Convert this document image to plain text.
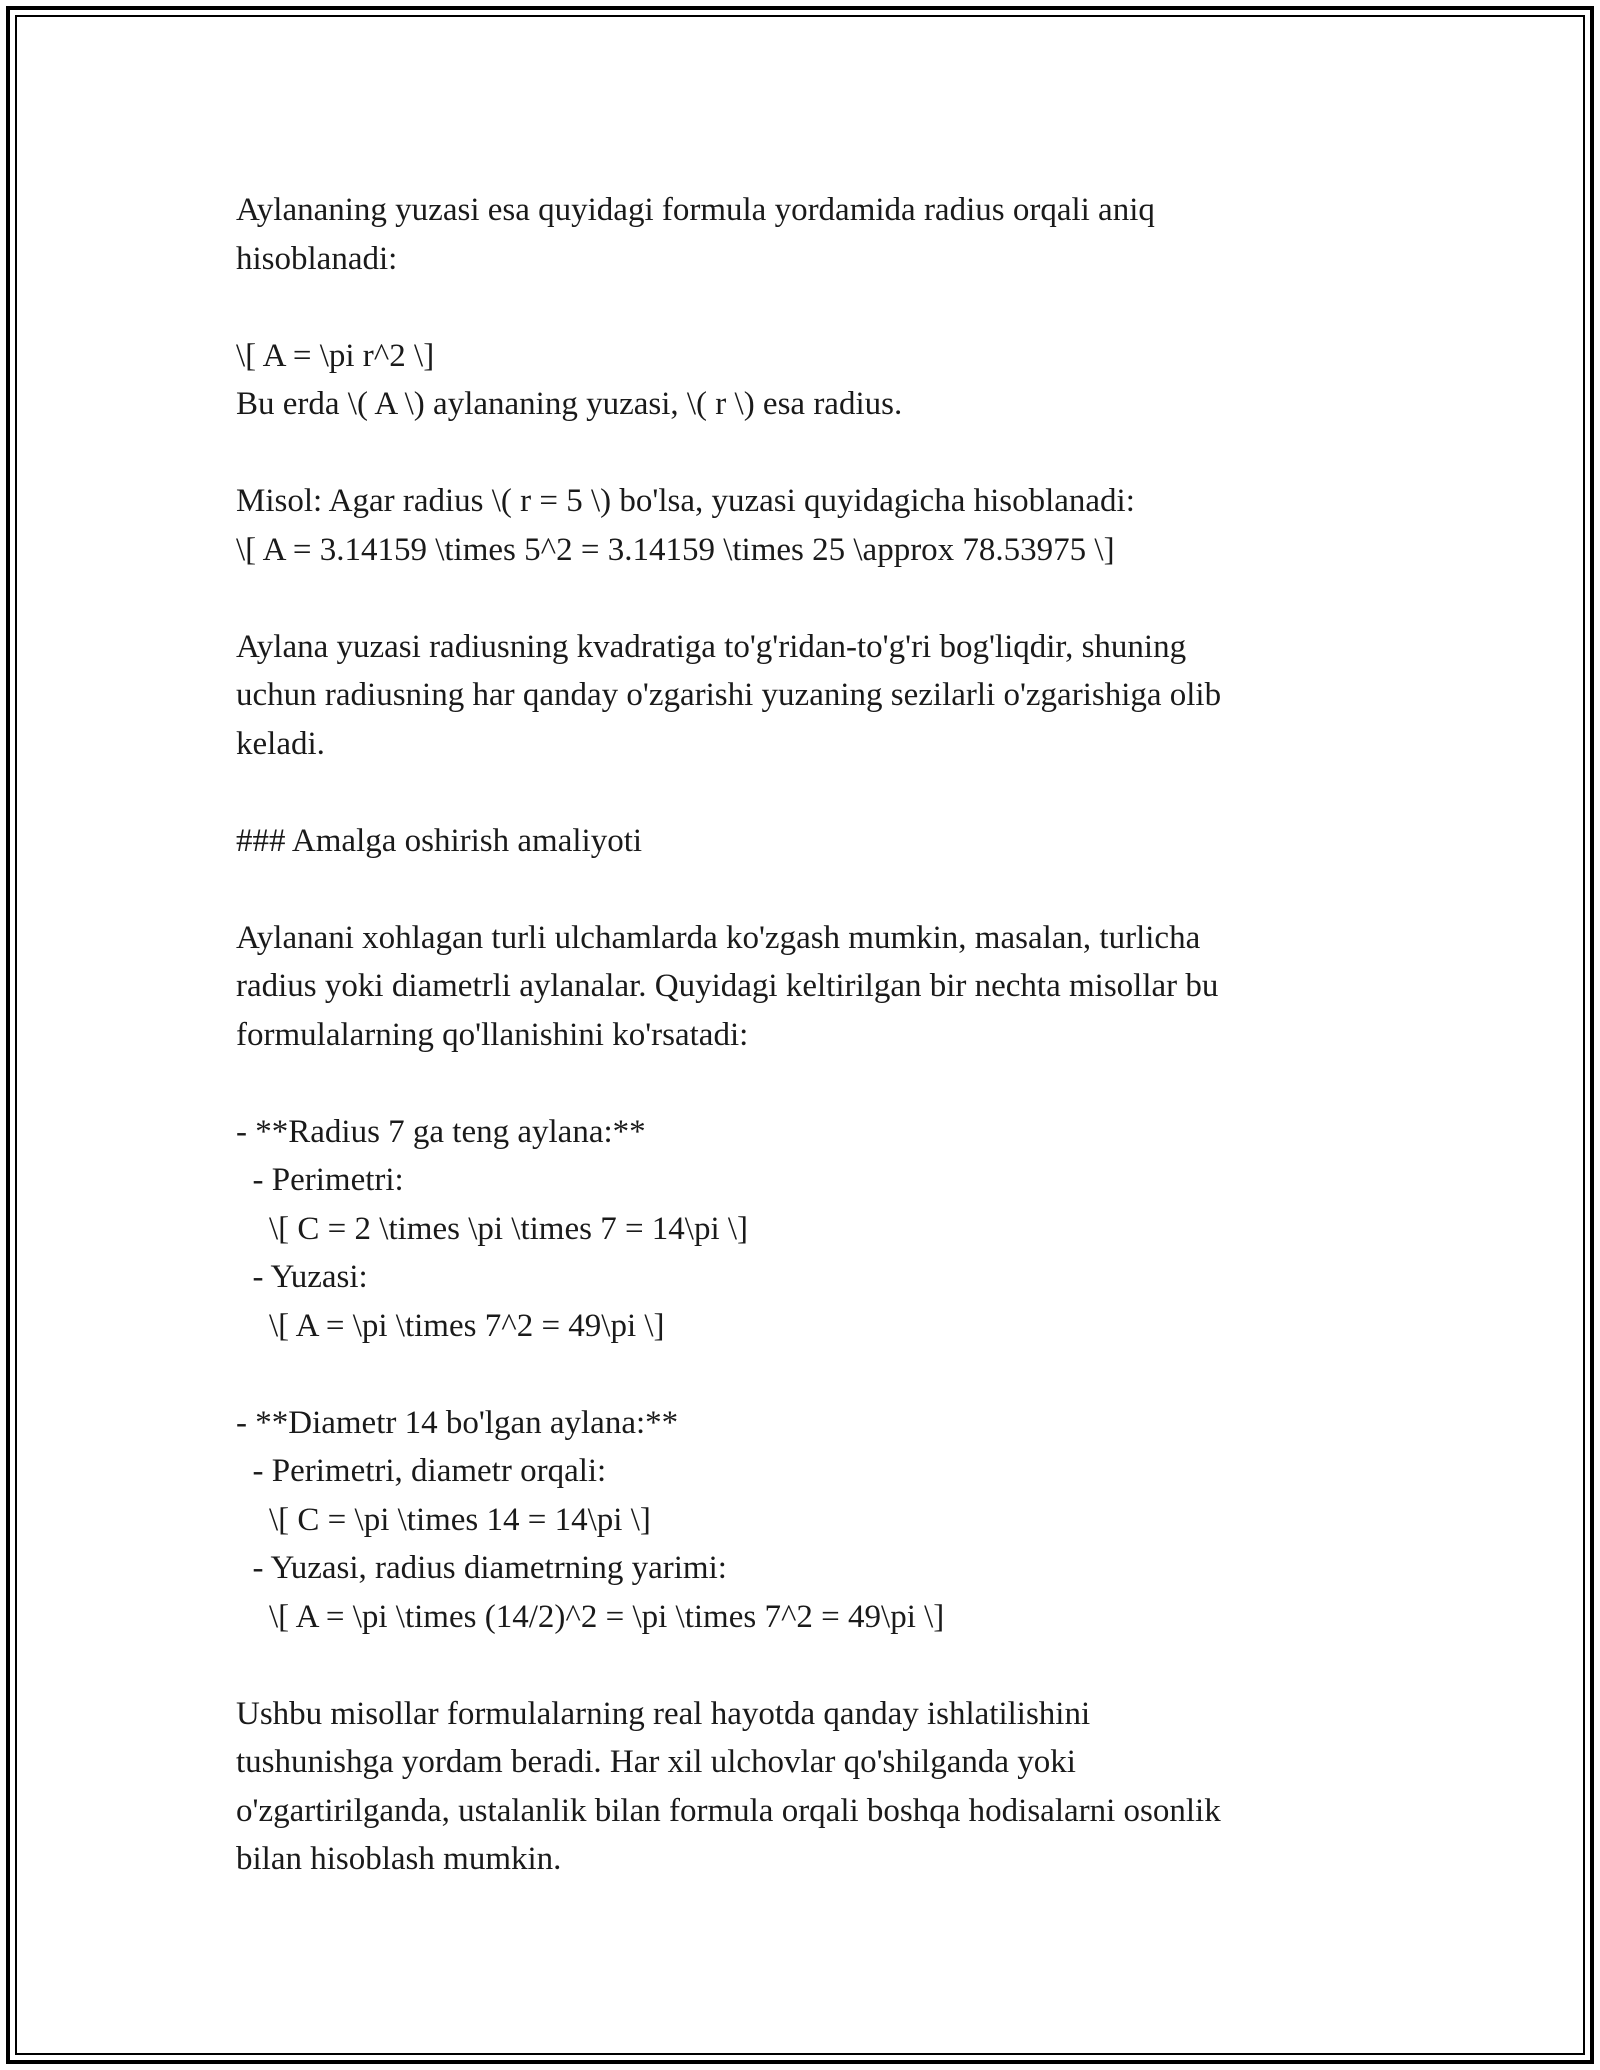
Aylananing yuzasi esa quyidagi formula yordamida radius orqali aniq
hisoblanadi:
\[ A = \pi r^2 \]
Bu erda \( A \) aylananing yuzasi, \( r \) esa radius.
Misol: Agar radius \( r = 5 \) bo'lsa, yuzasi quyidagicha hisoblanadi:
\[ A = 3.14159 \times 5^2 = 3.14159 \times 25 \approx 78.53975 \]
Aylana yuzasi radiusning kvadratiga to'g'ridan-to'g'ri bog'liqdir, shuning
uchun radiusning har qanday o'zgarishi yuzaning sezilarli o'zgarishiga olib
keladi.
### Amalga oshirish amaliyoti
Aylanani xohlagan turli ulchamlarda ko'zgash mumkin, masalan, turlicha
radius yoki diametrli aylanalar. Quyidagi keltirilgan bir nechta misollar bu
formulalarning qo'llanishini ko'rsatadi:
- **Radius 7 ga teng aylana:**
- Perimetri:
\[ C = 2 \times \pi \times 7 = 14\pi \]
- Yuzasi:
\[ A = \pi \times 7^2 = 49\pi \]
- **Diametr 14 bo'lgan aylana:**
- Perimetri, diametr orqali:
\[ C = \pi \times 14 = 14\pi \]
- Yuzasi, radius diametrning yarimi:
\[ A = \pi \times (14/2)^2 = \pi \times 7^2 = 49\pi \]
Ushbu misollar formulalarning real hayotda qanday ishlatilishini
tushunishga yordam beradi. Har xil ulchovlar qo'shilganda yoki
o'zgartirilganda, ustalanlik bilan formula orqali boshqa hodisalarni osonlik
bilan hisoblash mumkin.
